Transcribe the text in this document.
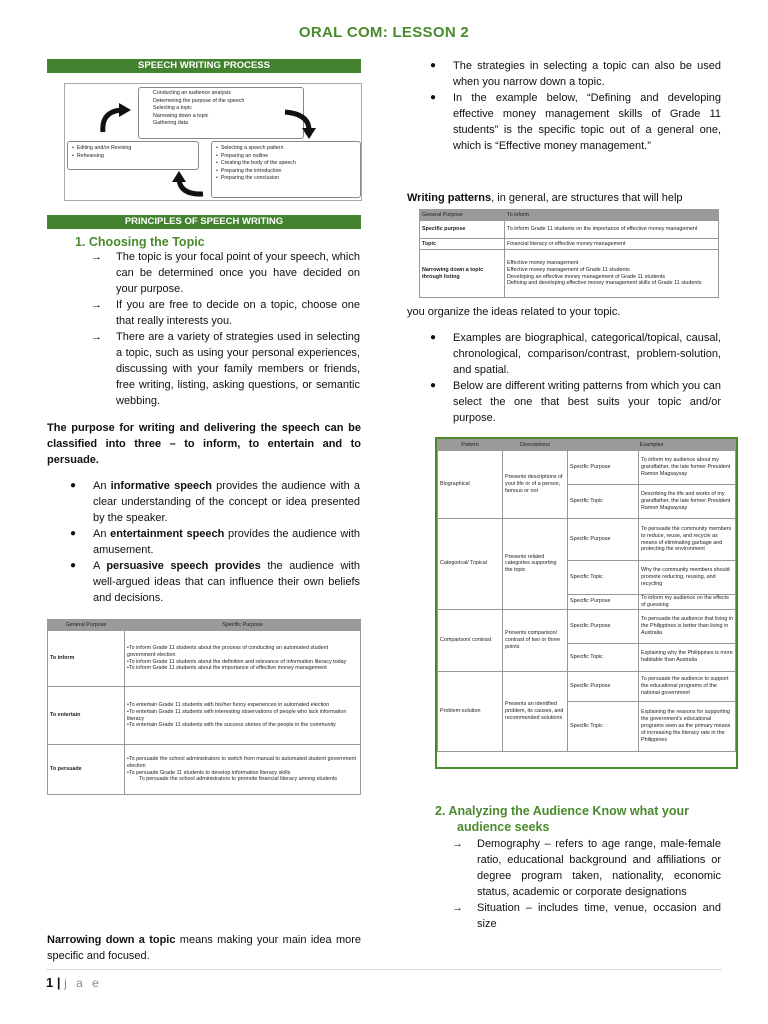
ORAL COM: LESSON 2
SPEECH WRITING PROCESS
Conducting an audience analysis
Determining the purpose of the speech
Selecting a topic
Narrowing down a topic
Gathering data
•  Editing and/or Revising
•  Rehearsing
•  Selecting a speech pattern
•  Preparing an outline
•  Creating the body of the speech
•  Preparing the introduction
•  Preparing the conclusion
PRINCIPLES OF SPEECH WRITING
1. Choosing the Topic
→ The topic is your focal point of your speech, which can be determined once you have decided on your purpose.
→ If you are free to decide on a topic, choose one that really interests you.
→ There are a variety of strategies used in selecting a topic, such as using your personal experiences, discussing with your family members or friends, free writing, listing, asking questions, or semantic webbing.
The purpose for writing and delivering the speech can be classified into three – to inform, to entertain and to persuade.
● An informative speech provides the audience with a clear understanding of the concept or idea presented by the speaker.
● An entertainment speech provides the audience with amusement.
● A persuasive speech provides the audience with well-argued ideas that can influence their own beliefs and decisions.
General Purpose	Specific Purpose
To inform	•To inform Grade 11 students about the process of conducting an automated student government election
•To inform Grade 11 students about the definition and relevance of information literacy today
•To inform Grade 11 students about the importance of effective money management

To entertain	•To entertain Grade 11 students with his/her funny experiences in automated election
•To entertain Grade 11 students with interesting observations of people who lack information literacy
•To entertain Grade 11 students with the success stories of the people in the community

To persuade	•To persuade the school administrators to switch from manual to automated student government election
•To persuade Grade 11 students to develop information literacy skills
To persuade the school administrators to promote financial literacy among students
Narrowing down a topic means making your main idea more specific and focused.
● The strategies in selecting a topic can also be used when you narrow down a topic.
● In the example below, “Defining and developing effective money management skills of Grade 11 students” is the specific topic out of a general one, which is “Effective money management.”
Writing patterns, in general, are structures that will help
General Purpose	To inform
Specific purpose	To inform Grade 11 students on the importance of effective money management
Topic	Financial literacy or effective money management
Narrowing down a topic through listing	Effective money management
Effective money management of Grade 11 students
Developing an effective money management of Grade 11 students
Defining and developing effective money management skills of Grade 11 students
you organize the ideas related to your topic.
● Examples are biographical, categorical/topical, causal, chronological, comparison/contrast, problem-solution, and spatial.
● Below are different writing patterns from which you can select the one that best suits your topic and/or purpose.
Pattern	Descriptions	Examples	
Biographical	Presents descriptions of your life or of a person, famous or not	Specific Purpose	To inform my audience about my grandfather, the late former President Ramon Magsaysay
		Specific Topic	Describing the life and works of my grandfather, the late former President Ramon Magsaysay
Categorical/ Topical	Presents related categories supporting the topic	Specific Purpose	To persuade the community members to reduce, reuse, and recycle as means of eliminating garbage and protecting the environment
		Specific Topic	Why the community members should promote reducing, reusing, and recycling
		Specific Purpose	To inform my audience on the effects of guessing
Comparison/ contrast	Presents comparison/ contrast of two or three points	Specific Purpose	To persuade the audience that living in the Philippines is better than living in Australia
		Specific Topic	Explaining why the Philippines is more habitable than Australia
Problem-solution	Presents an identified problem, its causes, and recommended solutions	Specific Purpose	To persuade the audience to support the educational programs of the national government
		Specific Topic	Explaining the reasons for supporting the government's educational programs seen as the primary means of increasing the literacy rate in the Philippines
2. Analyzing the Audience Know what your
audience seeks
→ Demography – refers to age range, male-female ratio, educational background and affiliations or degree program taken, nationality, economic status, academic or corporate designations
→ Situation – includes time, venue, occasion and size
1 | j a e
